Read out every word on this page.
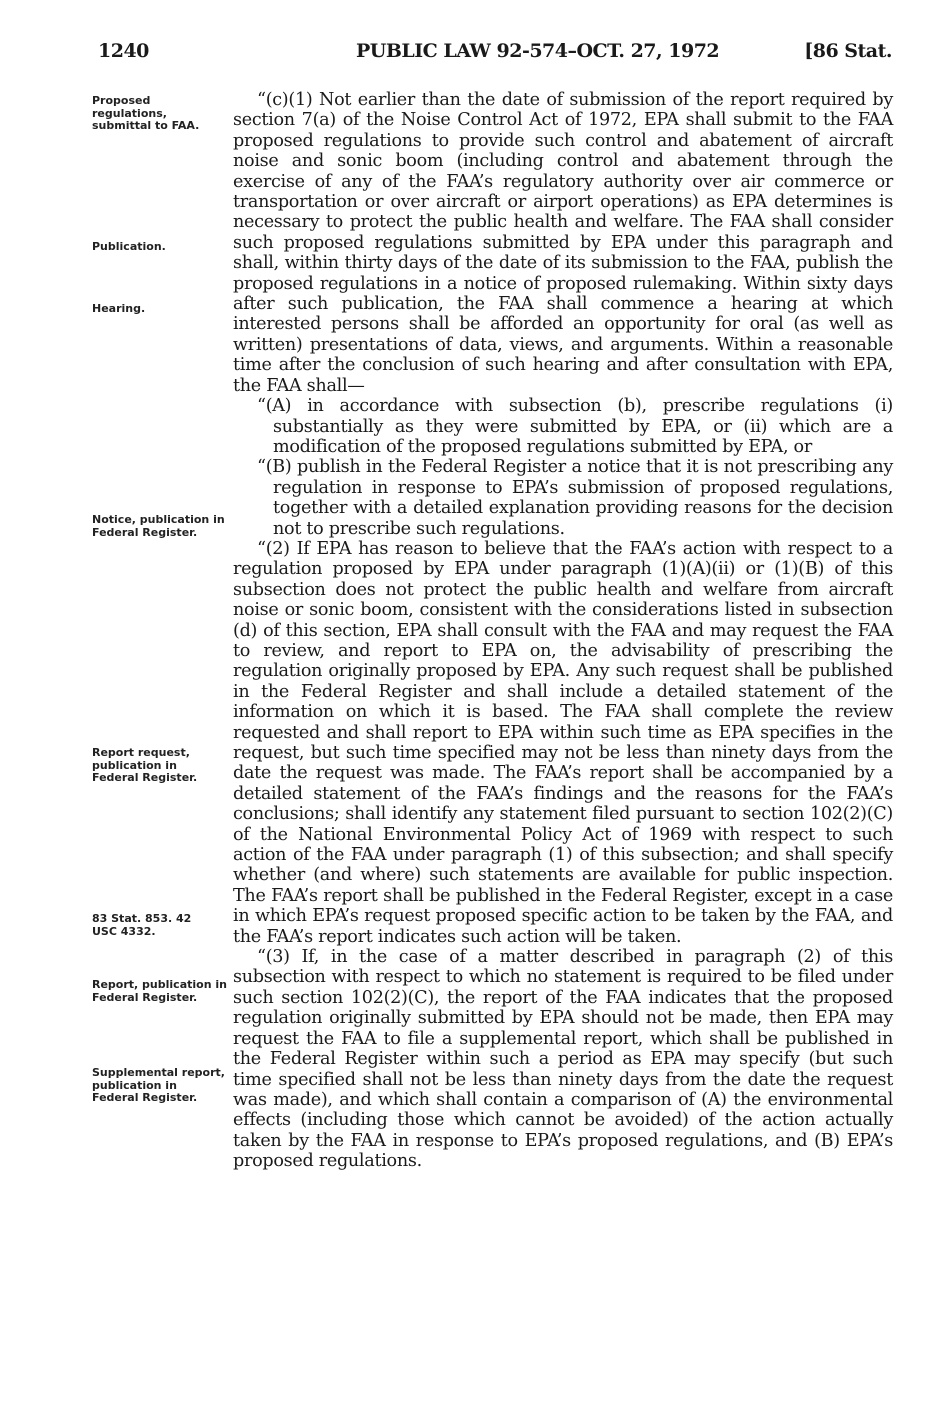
1240	PUBLIC LAW 92-574–OCT. 27, 1972	[86 Stat.
Proposed regulations, submittal to FAA.
Publication.
Hearing.
Notice, publication in Federal Register.
Report request, publication in Federal Register.
83 Stat. 853. 42 USC 4332.
Report, publication in Federal Register.
Supplemental report, publication in Federal Register.

“(c)(1) Not earlier than the date of submission of the report required by section 7(a) of the Noise Control Act of 1972, EPA shall submit to the FAA proposed regulations to provide such control and abatement of aircraft noise and sonic boom (including control and abatement through the exercise of any of the FAA’s regulatory authority over air commerce or transportation or over aircraft or airport operations) as EPA determines is necessary to protect the public health and welfare. The FAA shall consider such proposed regulations submitted by EPA under this paragraph and shall, within thirty days of the date of its submission to the FAA, publish the proposed regulations in a notice of proposed rulemaking. Within sixty days after such publication, the FAA shall commence a hearing at which interested persons shall be afforded an opportunity for oral (as well as written) presentations of data, views, and arguments. Within a reasonable time after the conclusion of such hearing and after consultation with EPA, the FAA shall—

“(A) in accordance with subsection (b), prescribe regulations (i) substantially as they were submitted by EPA, or (ii) which are a modification of the proposed regulations submitted by EPA, or

“(B) publish in the Federal Register a notice that it is not prescribing any regulation in response to EPA’s submission of proposed regulations, together with a detailed explanation providing reasons for the decision not to prescribe such regulations.

“(2) If EPA has reason to believe that the FAA’s action with respect to a regulation proposed by EPA under paragraph (1)(A)(ii) or (1)(B) of this subsection does not protect the public health and welfare from aircraft noise or sonic boom, consistent with the considerations listed in subsection (d) of this section, EPA shall consult with the FAA and may request the FAA to review, and report to EPA on, the advisability of prescribing the regulation originally proposed by EPA. Any such request shall be published in the Federal Register and shall include a detailed statement of the information on which it is based. The FAA shall complete the review requested and shall report to EPA within such time as EPA specifies in the request, but such time specified may not be less than ninety days from the date the request was made. The FAA’s report shall be accompanied by a detailed statement of the FAA’s findings and the reasons for the FAA’s conclusions; shall identify any statement filed pursuant to section 102(2)(C) of the National Environmental Policy Act of 1969 with respect to such action of the FAA under paragraph (1) of this subsection; and shall specify whether (and where) such statements are available for public inspection. The FAA’s report shall be published in the Federal Register, except in a case in which EPA’s request proposed specific action to be taken by the FAA, and the FAA’s report indicates such action will be taken.

“(3) If, in the case of a matter described in paragraph (2) of this subsection with respect to which no statement is required to be filed under such section 102(2)(C), the report of the FAA indicates that the proposed regulation originally submitted by EPA should not be made, then EPA may request the FAA to file a supplemental report, which shall be published in the Federal Register within such a period as EPA may specify (but such time specified shall not be less than ninety days from the date the request was made), and which shall contain a comparison of (A) the environmental effects (including those which cannot be avoided) of the action actually taken by the FAA in response to EPA’s proposed regulations, and (B) EPA’s proposed regulations.
